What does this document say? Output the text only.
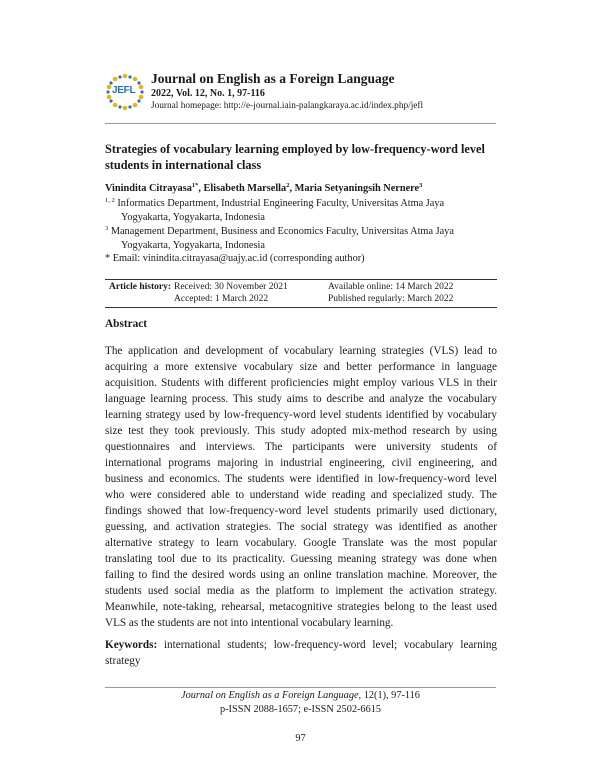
JEFL
Journal on English as a Foreign Language
2022, Vol. 12, No. 1, 97-116
Journal homepage: http://e-journal.iain-palangkaraya.ac.id/index.php/jefl
Strategies of vocabulary learning employed by low-frequency-word level students in international class
Vinindita Citrayasa$^{1*}$, Elisabeth Marsella$^2$, Maria Setyaningsih Nernere$^3$
$^{1, 2}$ Informatics Department, Industrial Engineering Faculty, Universitas Atma Jaya
Yogyakarta, Yogyakarta, Indonesia
$^3$ Management Department, Business and Economics Faculty, Universitas Atma Jaya
Yogyakarta, Yogyakarta, Indonesia
* Email: vinindita.citrayasa@uajy.ac.id (corresponding author)
Article history: Received: 30 November 2021	Available online: 14 March 2022
Accepted: 1 March 2022	Published regularly: March 2022
Abstract
The application and development of vocabulary learning strategies (VLS) lead to acquiring a more extensive vocabulary size and better performance in language acquisition. Students with different proficiencies might employ various VLS in their language learning process. This study aims to describe and analyze the vocabulary learning strategy used by low-frequency-word level students identified by vocabulary size test they took previously. This study adopted mix-method research by using questionnaires and interviews. The participants were university students of international programs majoring in industrial engineering, civil engineering, and business and economics. The students were identified in low-frequency-word level who were considered able to understand wide reading and specialized study. The findings showed that low-frequency-word level students primarily used dictionary, guessing, and activation strategies. The social strategy was identified as another alternative strategy to learn vocabulary. Google Translate was the most popular translating tool due to its practicality. Guessing meaning strategy was done when failing to find the desired words using an online translation machine. Moreover, the students used social media as the platform to implement the activation strategy. Meanwhile, note-taking, rehearsal, metacognitive strategies belong to the least used VLS as the students are not into intentional vocabulary learning.
Keywords: international students; low-frequency-word level; vocabulary learning strategy
Journal on English as a Foreign Language, 12(1), 97-116
p-ISSN 2088-1657; e-ISSN 2502-6615
97
